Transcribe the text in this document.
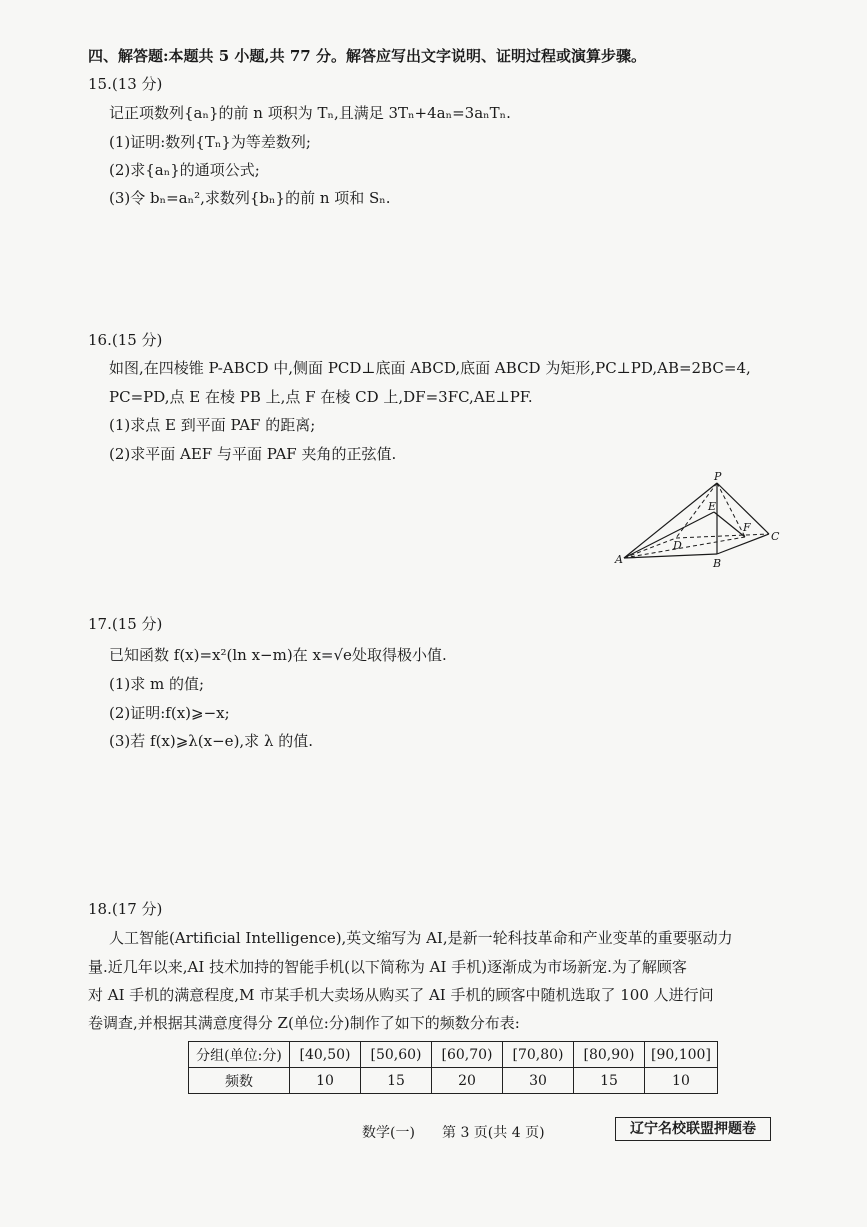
四、解答题:本题共 5 小题,共 77 分。解答应写出文字说明、证明过程或演算步骤。
15.(13 分)
记正项数列{aₙ}的前 n 项积为 Tₙ,且满足 3Tₙ+4aₙ=3aₙTₙ.
(1)证明:数列{Tₙ}为等差数列;
(2)求{aₙ}的通项公式;
(3)令 bₙ=aₙ²,求数列{bₙ}的前 n 项和 Sₙ.
16.(15 分)
如图,在四棱锥 P-ABCD 中,侧面 PCD⊥底面 ABCD,底面 ABCD 为矩形,PC⊥PD,AB=2BC=4,
PC=PD,点 E 在棱 PB 上,点 F 在棱 CD 上,DF=3FC,AE⊥PF.
(1)求点 E 到平面 PAF 的距离;
(2)求平面 AEF 与平面 PAF 夹角的正弦值.
P
E
F
C
D
A	B
17.(15 分)
已知函数 f(x)=x²(ln x−m)在 x=√e处取得极小值.
(1)求 m 的值;
(2)证明:f(x)⩾−x;
(3)若 f(x)⩾λ(x−e),求 λ 的值.
18.(17 分)
人工智能(Artificial Intelligence),英文缩写为 AI,是新一轮科技革命和产业变革的重要驱动力
量.近几年以来,AI 技术加持的智能手机(以下简称为 AI 手机)逐渐成为市场新宠.为了解顾客
对 AI 手机的满意程度,M 市某手机大卖场从购买了 AI 手机的顾客中随机选取了 100 人进行问
卷调查,并根据其满意度得分 Z(单位:分)制作了如下的频数分布表:
分组(单位:分)	[40,50)	[50,60)	[60,70)	[70,80)	[80,90)	[90,100]
频数	10	15	20	30	15	10
数学(一) 第 3 页(共 4 页)	辽宁名校联盟押题卷
